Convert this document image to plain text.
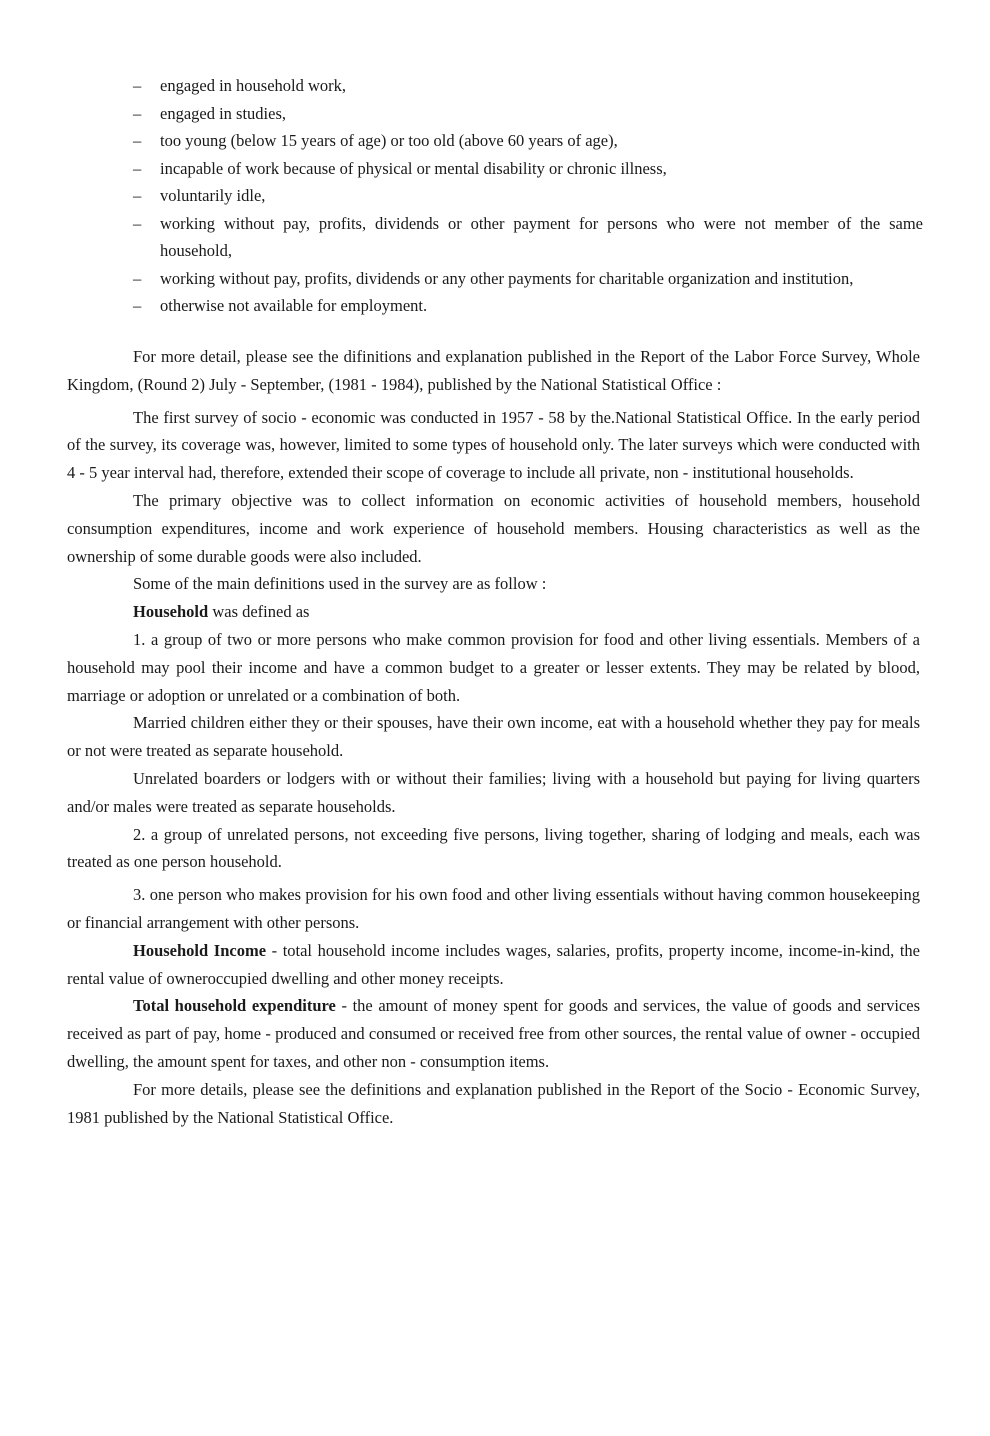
– engaged in household work,
– engaged in studies,
– too young (below 15 years of age) or too old (above 60 years of age),
– incapable of work because of physical or mental disability or chronic illness,
– voluntarily idle,
– working without pay, profits, dividends or other payment for persons who were not member of the same household,
– working without pay, profits, dividends or any other payments for charitable organization and institution,
– otherwise not available for employment.

For more detail, please see the difinitions and explanation published in the Report of the Labor Force Survey, Whole Kingdom, (Round 2) July - September, (1981 - 1984), published by the National Statistical Office :

The first survey of socio - economic was conducted in 1957 - 58 by the.National Statistical Office. In the early period of the survey, its coverage was, however, limited to some types of household only. The later surveys which were conducted with 4 - 5 year interval had, therefore, extended their scope of coverage to include all private, non - institutional households.

The primary objective was to collect information on economic activities of household members, household consumption expenditures, income and work experience of household members. Housing characteristics as well as the ownership of some durable goods were also included.

Some of the main definitions used in the survey are as follow :

Household was defined as

1. a group of two or more persons who make common provision for food and other living essentials. Members of a household may pool their income and have a common budget to a greater or lesser extents. They may be related by blood, marriage or adoption or unrelated or a combination of both.

Married children either they or their spouses, have their own income, eat with a household whether they pay for meals or not were treated as separate household.

Unrelated boarders or lodgers with or without their families; living with a household but paying for living quarters and/or males were treated as separate households.

2. a group of unrelated persons, not exceeding five persons, living together, sharing of lodging and meals, each was treated as one person household.

3. one person who makes provision for his own food and other living essentials without having common housekeeping or financial arrangement with other persons.

Household Income - total household income includes wages, salaries, profits, property income, income-in-kind, the rental value of owneroccupied dwelling and other money receipts.

Total household expenditure - the amount of money spent for goods and services, the value of goods and services received as part of pay, home - produced and consumed or received free from other sources, the rental value of owner - occupied dwelling, the amount spent for taxes, and other non - consumption items.

For more details, please see the definitions and explanation published in the Report of the Socio - Economic Survey, 1981 published by the National Statistical Office.
